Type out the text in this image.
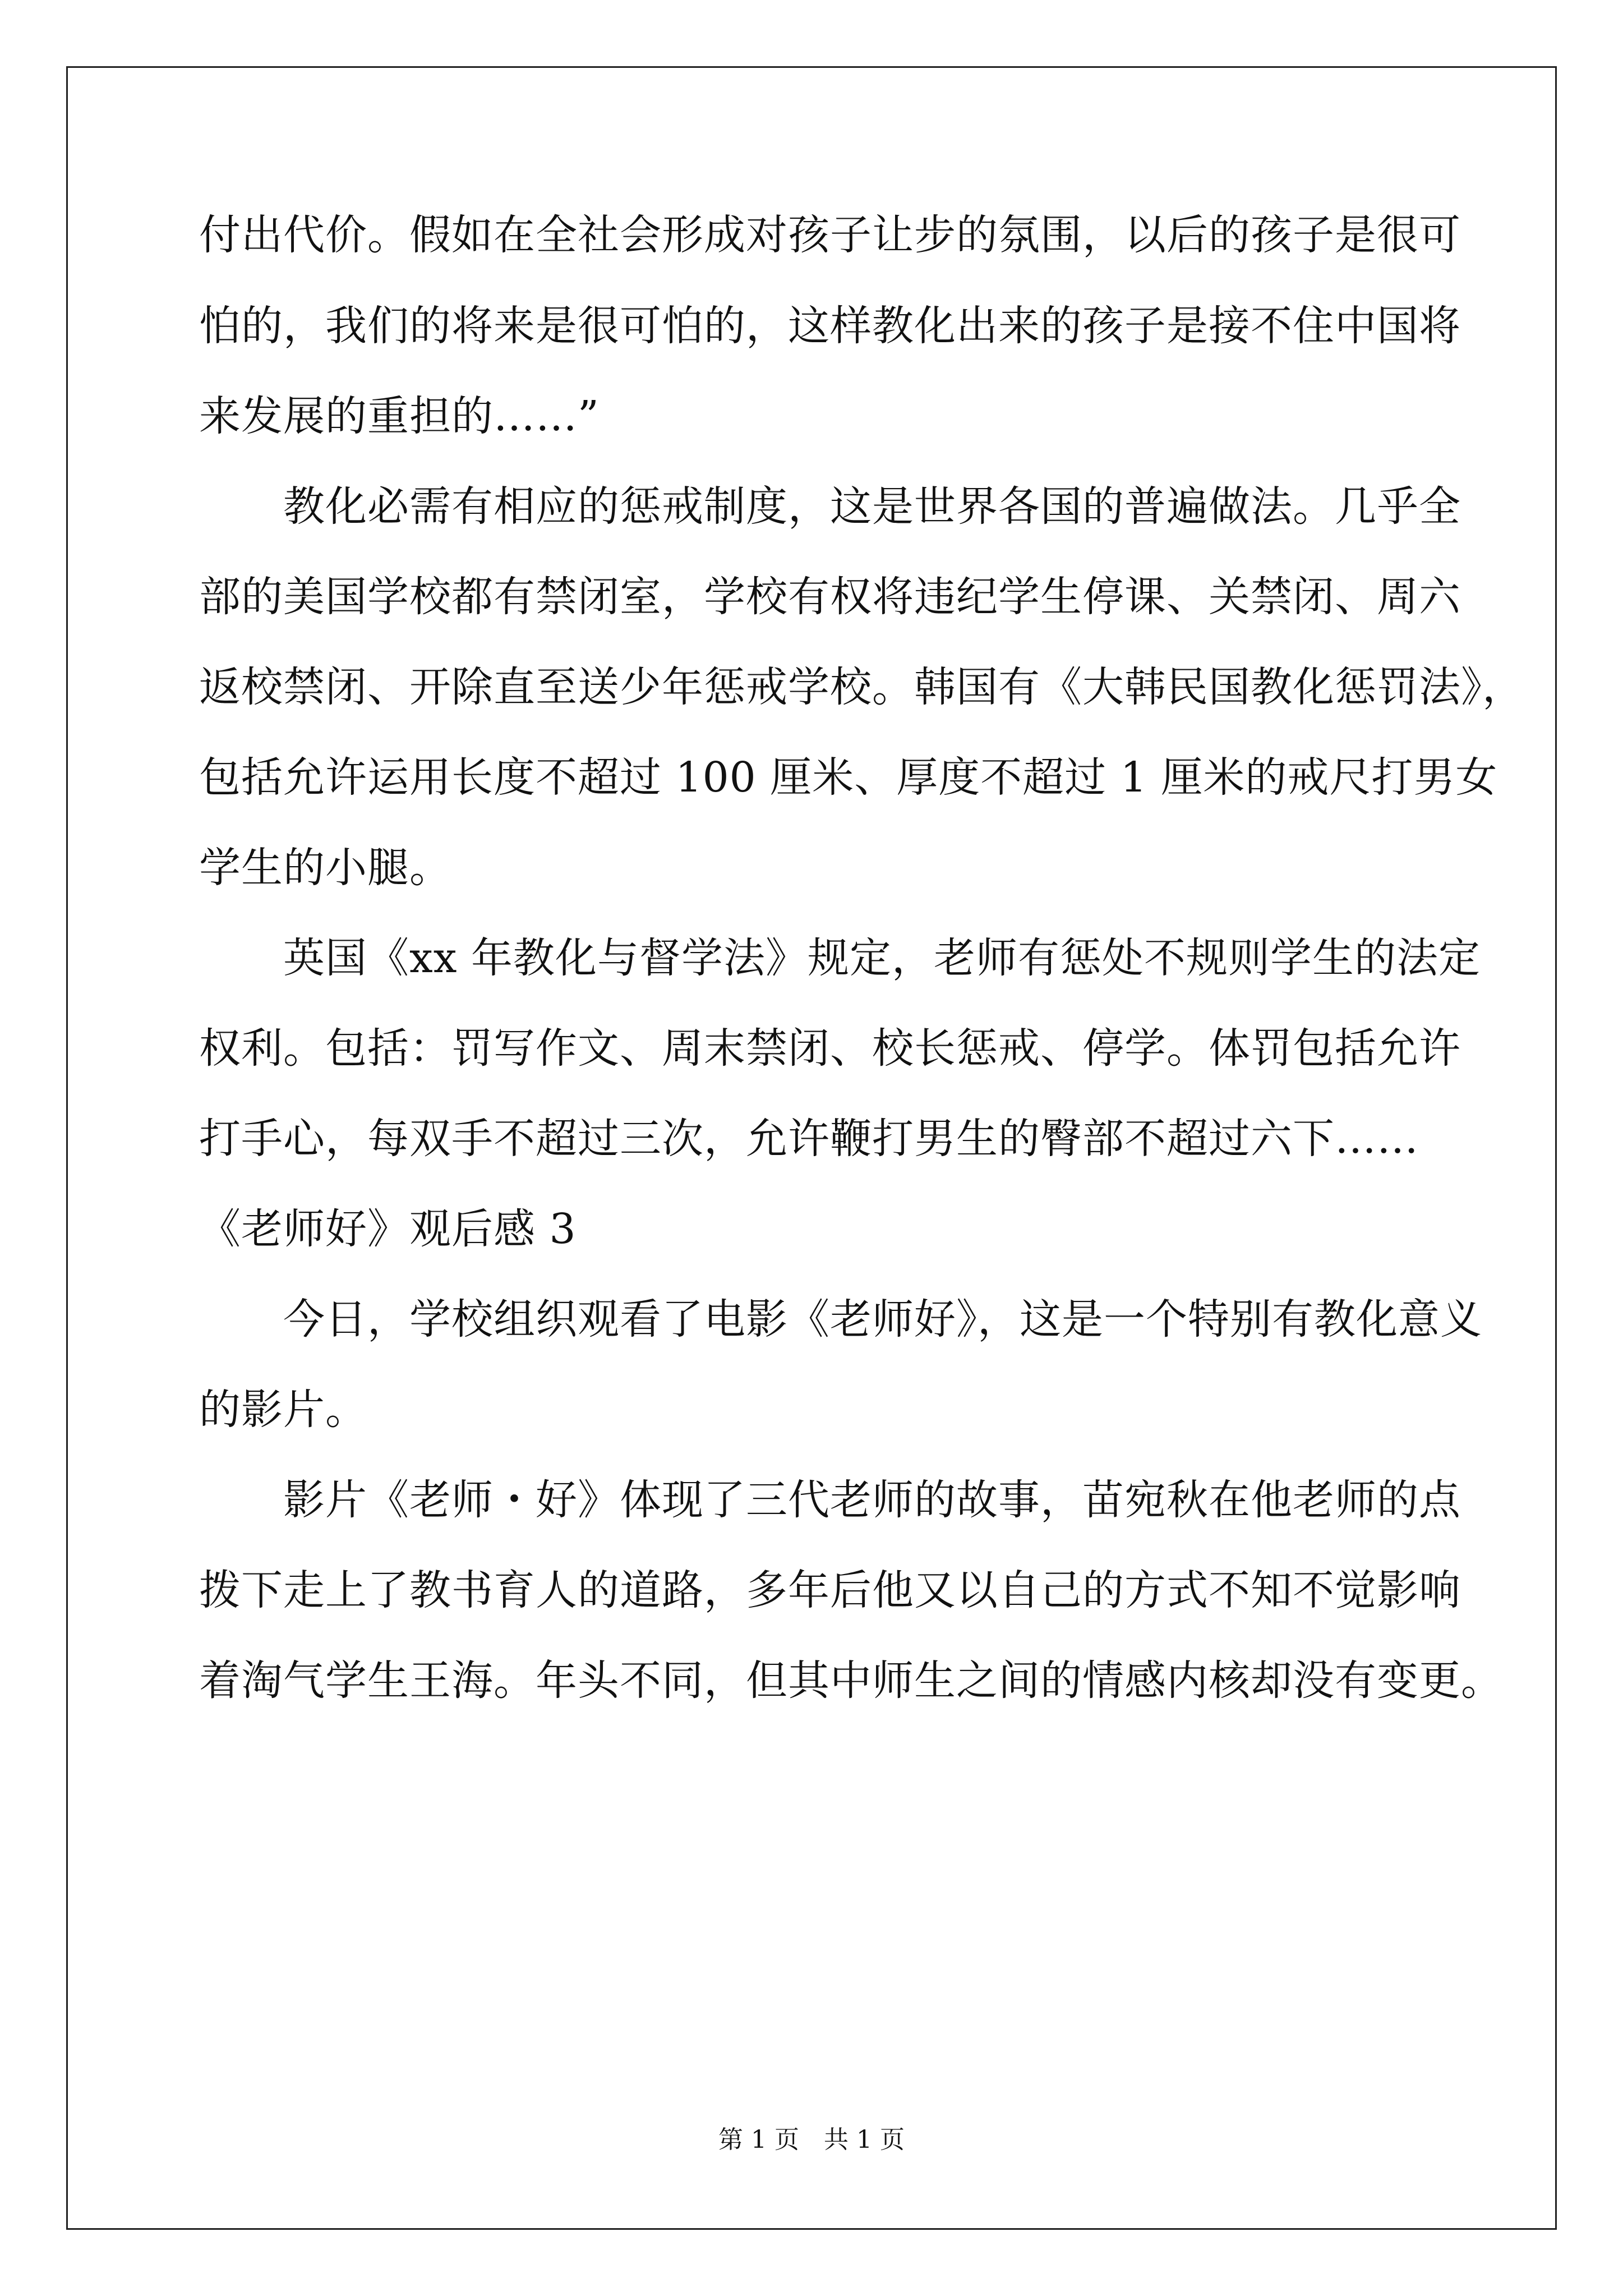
付出代价。假如在全社会形成对孩子让步的氛围，以后的孩子是很可

怕的，我们的将来是很可怕的，这样教化出来的孩子是接不住中国将

来发展的重担的……”

　　教化必需有相应的惩戒制度，这是世界各国的普遍做法。几乎全

部的美国学校都有禁闭室，学校有权将违纪学生停课、关禁闭、周六

返校禁闭、开除直至送少年惩戒学校。韩国有《大韩民国教化惩罚法》，

包括允许运用长度不超过 100 厘米、厚度不超过 1 厘米的戒尺打男女

学生的小腿。

　　英国《xx 年教化与督学法》规定，老师有惩处不规则学生的法定

权利。包括：罚写作文、周末禁闭、校长惩戒、停学。体罚包括允许

打手心，每双手不超过三次，允许鞭打男生的臀部不超过六下……

《老师好》观后感 3

　　今日，学校组织观看了电影《老师好》，这是一个特别有教化意义

的影片。

　　影片《老师・好》体现了三代老师的故事，苗宛秋在他老师的点

拨下走上了教书育人的道路，多年后他又以自己的方式不知不觉影响

着淘气学生王海。年头不同，但其中师生之间的情感内核却没有变更。

第 1 页　共 1 页
